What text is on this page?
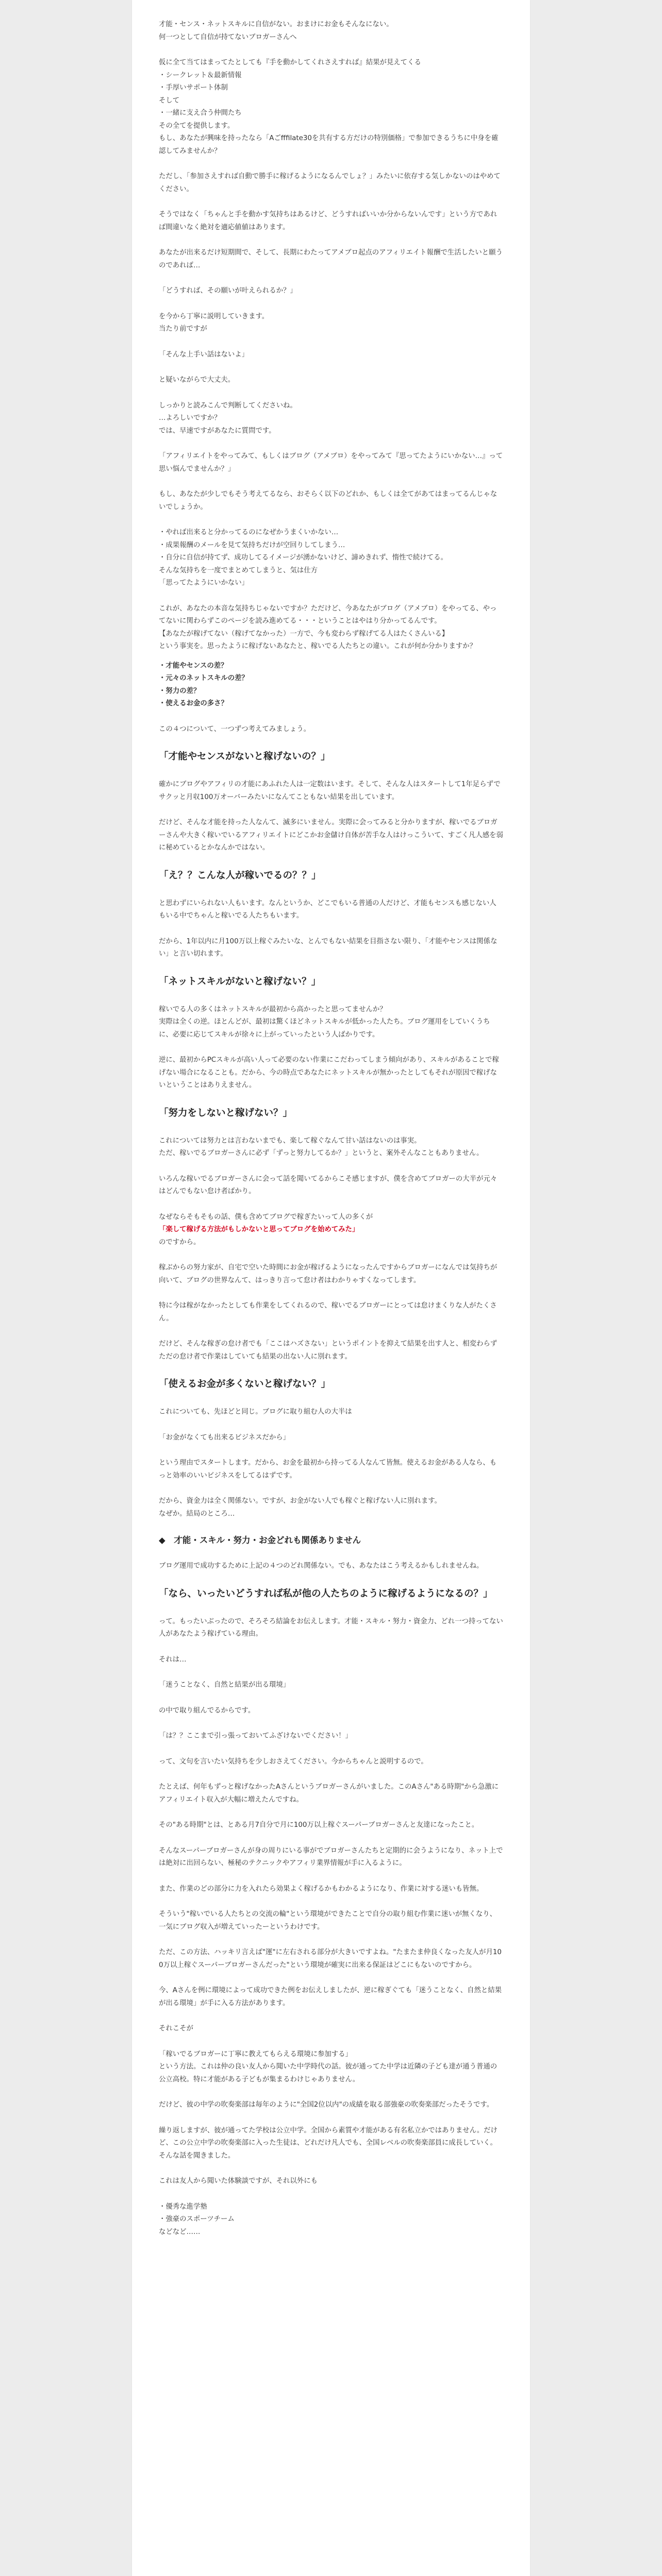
才能・センス・ネットスキルに自信がない。おまけにお金もそんなにない。
何一つとして自信が持てないブロガーさんへ

仮に全て当てはまってたとしても『手を動かしてくれさえすれば』結果が見えてくる
・シークレット＆最新情報
・手厚いサポート体制
そして
・一緒に支え合う仲間たち
その全てを提供します。
もし、あなたが興味を持ったなら「Aごfffilate30を共有する方だけの特別価格」で参加できるうちに中身を確認してみませんか？

ただし、「参加さえすれば自動で勝手に稼げるようになるんでしょ？」みたいに依存する気しかないのはやめてください。

そうではなく「ちゃんと手を動かす気持ちはあるけど、どうすればいいか分からないんです」という方であれば間違いなく絶対を適応値値はあります。

あなたが出来るだけ短期間で、そして、長期にわたってアメブロ起点のアフィリエイト報酬で生活したいと願うのであれば…

「どうすれば、その願いが叶えられるか？」

を今から丁寧に説明していきます。
当たり前ですが

「そんな上手い話はないよ」

と疑いながらで大丈夫。

しっかりと読みこんで判断してくださいね。
…よろしいですか？
では、早速ですがあなたに質問です。

「アフィリエイトをやってみて、もしくはブログ（アメブロ）をやってみて『思ってたようにいかない…』って思い悩んでませんか？」

もし、あなたが少しでもそう考えてるなら、おそらく以下のどれか、もしくは全てがあてはまってるんじゃないでしょうか。

・やれば出来ると分かってるのになぜかうまくいかない…
・成果報酬のメールを見て気持ちだけが空回りしてしまう…
・自分に自信が持てず、成功してるイメージが湧かないけど、諦めきれず、惰性で続けてる。
そんな気持ちを一度でまとめてしまうと、気は仕方
「思ってたようにいかない」

これが、あなたの本音な気持ちじゃないですか？ただけど、今あなたがブログ（アメブロ）をやってる、やってないに関わらずこのページを読み進めてる・・・ということはやはり分かってるんです。
【あなたが稼げてない（稼げてなかった）一方で、今も変わらず稼げてる人はたくさんいる】
という事実を。思ったように稼げないあなたと、稼いでる人たちとの違い。これが何か分かりますか？

・才能やセンスの差？
・元々のネットスキルの差？
・努力の差？
・使えるお金の多さ？

この４つについて、一つずつ考えてみましょう。

「才能やセンスがないと稼げないの？」

確かにブログやアフィリの才能にあふれた人は一定数はいます。そして、そんな人はスタートして1年足らずでサクッと月収100万オーバーみたいになんてこともない結果を出しています。

だけど、そんな才能を持った人なんて、滅多にいません。実際に会ってみると分かりますが、稼いでるブロガーさんや大きく稼いでいるアフィリエイトにどこかお金儲け自体が苦手な人はけっこういて、すごく凡人感を弱に秘めているとかなんかではない。

「え？？こんな人が稼いでるの？？」

と思わずにいられない人もいます。なんというか、どこでもいる普通の人だけど、才能もセンスも感じない人もいる中でちゃんと稼いでる人たちもいます。

だから、1年以内に月100万以上稼ぐみたいな、とんでもない結果を目指さない限り、「才能やセンスは関係ない」と言い切れます。

「ネットスキルがないと稼げない？」

稼いでる人の多くはネットスキルが最初から高かったと思ってませんか？
実際は全くの逆。ほとんどが、最初は驚くほどネットスキルが低かった人たち。ブログ運用をしていくうちに、必要に応じてスキルが徐々に上がっていったという人ばかりです。

逆に、最初からPCスキルが高い人って必要のない作業にこだわってしまう傾向があり、スキルがあることで稼げない場合になることも。だから、今の時点であなたにネットスキルが無かったとしてもそれが原因で稼げないということはありえません。

「努力をしないと稼げない？」

これについては努力とは言わないまでも、楽して稼ぐなんて甘い話はないのは事実。
ただ、稼いでるブロガーさんに必ず「ずっと努力してるか？」というと、案外そんなこともありません。

いろんな稼いでるブロガーさんに会って話を聞いてるからこそ感じますが、僕を含めてブロガーの大半が元々はどんでもない怠け者ばかり。

なぜならそもそもの話、僕も含めてブログで稼ぎたいって人の多くが
「楽して稼げる方法がもしかないと思ってブログを始めてみた」
のですから。

稼ぶからの努力家が、自宅で空いた時間にお金が稼げるようになったんですからブロガーになんでは気持ちが向いて、ブログの世界なんて、はっきり言って怠け者はわかりゃすくなってします。

特に今は稼がなかったとしても作業をしてくれるので、稼いでるブロガーにとっては怠けまくりな人がたくさん。

だけど、そんな稼ぎの怠け者でも「ここはハズさない」というポイントを抑えて結果を出す人と、相変わらずただの怠け者で作業はしていても結果の出ない人に別れます。

「使えるお金が多くないと稼げない？」

これについても、先ほどと同じ。ブログに取り組む人の大半は

「お金がなくても出来るビジネスだから」

という理由でスタートします。だから、お金を最初から持ってる人なんて皆無。使えるお金がある人なら、もっと効率のいいビジネスをしてるはずです。

だから、資金力は全く関係ない。ですが、お金がない人でも稼ぐと稼げない人に別れます。
なぜか。結局のところ…

◆　才能・スキル・努力・お金どれも関係ありません

ブログ運用で成功するために上記の４つのどれ関係ない。でも、あなたはこう考えるかもしれませんね。

「なら、いったいどうすれば私が他の人たちのように稼げるようになるの？」

って。もったいぶったので、そろそろ結論をお伝えします。才能・スキル・努力・資金力、どれ一つ持ってない人があなたよう稼げている理由。

それは…

「迷うことなく、自然と結果が出る環境」

の中で取り組んでるからです。

「は？？ここまで引っ張っておいてふざけないでください！」

って、文句を言いたい気持ちを少しおさえてください。今からちゃんと説明するので。

たとえば、何年もずっと稼げなかったAさんというブロガーさんがいました。このAさん"ある時期"から急激にアフィリエイト収入が大幅に増えたんですね。

その"ある時期"とは、とある月7自分で月に100万以上稼ぐスーパーブロガーさんと友達になったこと。

そんなスーパーブロガーさんが身の周りにいる事がでブロガーさんたちと定期的に会うようになり、ネット上では絶対に出回らない、極秘のテクニックやアフィリ業界情報が手に入るように。

また、作業のどの部分に力を入れたら効果よく稼げるかもわかるようになり、作業に対する迷いも皆無。

そういう"稼いでいる人たちとの交流の輪"という環境ができたことで自分の取り組む作業に迷いが無くなり、一気にブログ収入が増えていったーというわけです。

ただ、この方法、ハッキリ言えば"運"に左右される部分が大きいですよね。"たまたま仲良くなった友人が月100万以上稼ぐスーパーブロガーさんだった"という環境が確実に出来る保証はどこにもないのですから。

今、Aさんを例に環境によって成功できた例をお伝えしましたが、逆に稼ぎぐても「迷うことなく、自然と結果が出る環境」が手に入る方法があります。

それこそが

「稼いでるブロガーに丁寧に教えてもらえる環境に参加する」
という方法。これは仲の良い友人から聞いた中学時代の話。彼が通ってた中学は近隣の子ども達が通う普通の公立高校。特に才能がある子どもが集まるわけじゃありません。

だけど、彼の中学の吹奏楽部は毎年のように"全国2位以内"の成績を取る部強豪の吹奏楽部だったそうです。

繰り返しますが、彼が通ってた学校は公立中学。全国から素質や才能がある有名私立かではありません。だけど、この公立中学の吹奏楽部に入った生徒は、どれだけ凡人でも、全国レベルの吹奏楽部員に成長していく。そんな話を聞きました。

これは友人から聞いた体験談ですが、それ以外にも

・優秀な進学塾
・強豪のスポーツチーム
などなど……
